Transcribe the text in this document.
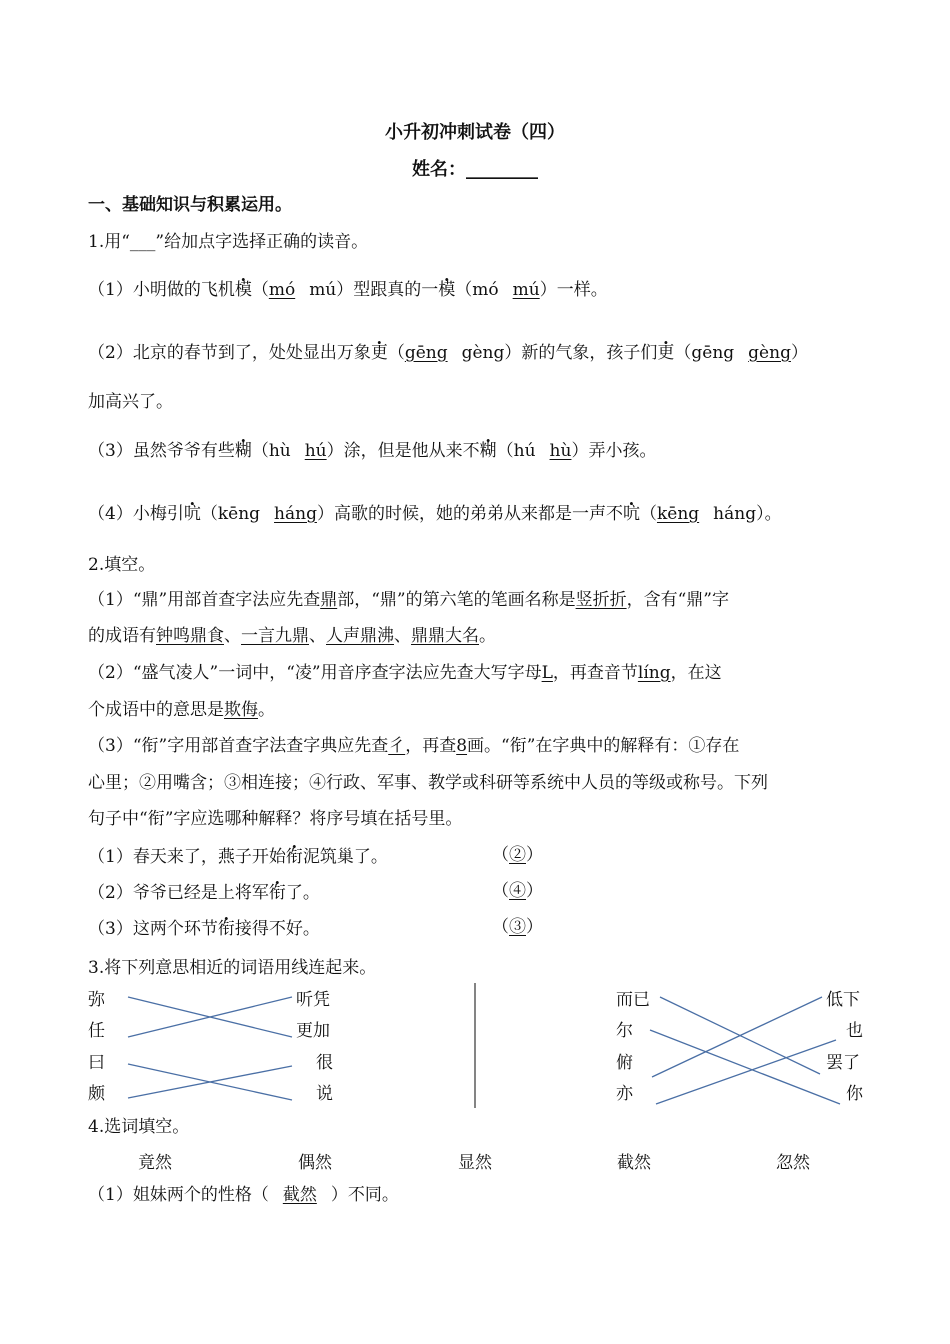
小升初冲刺试卷（四）
姓名：________
一、基础知识与积累运用。
1.用“___”给加点字选择正确的读音。
（1）小明做的飞机模（mó mú）型跟真的一模（mó mú）一样。
（2）北京的春节到了，处处显出万象更（gēng gèng）新的气象，孩子们更（gēng gèng）
加高兴了。
（3）虽然爷爷有些糊（hù hú）涂，但是他从来不糊（hú hù）弄小孩。
（4）小梅引吭（kēng háng）高歌的时候，她的弟弟从来都是一声不吭（kēng háng）。
2.填空。
（1）“鼎”用部首查字法应先查鼎部，“鼎”的第六笔的笔画名称是竖折折，含有“鼎”字
的成语有钟鸣鼎食、一言九鼎、人声鼎沸、鼎鼎大名。
（2）“盛气凌人”一词中，“凌”用音序查字法应先查大写字母L，再查音节líng，在这
个成语中的意思是欺侮。
（3）“衔”字用部首查字法查字典应先查彳，再查8画。“衔”在字典中的解释有：①存在
心里；②用嘴含；③相连接；④行政、军事、教学或科研等系统中人员的等级或称号。下列
句子中“衔”字应选哪种解释？将序号填在括号里。
（1）春天来了，燕子开始衔泥筑巢了。	（②）
（2）爷爷已经是上将军衔了。	（④）
（3）这两个环节衔接得不好。	（③）
3.将下列意思相近的词语用线连起来。
弥
任
曰
颇
听凭
更加
很
说
而已
尔
俯
亦
低下
也
罢了
你
4.选词填空。
竟然	偶然	显然	截然	忽然
（1）姐妹两个的性格（ 截然 ）不同。
